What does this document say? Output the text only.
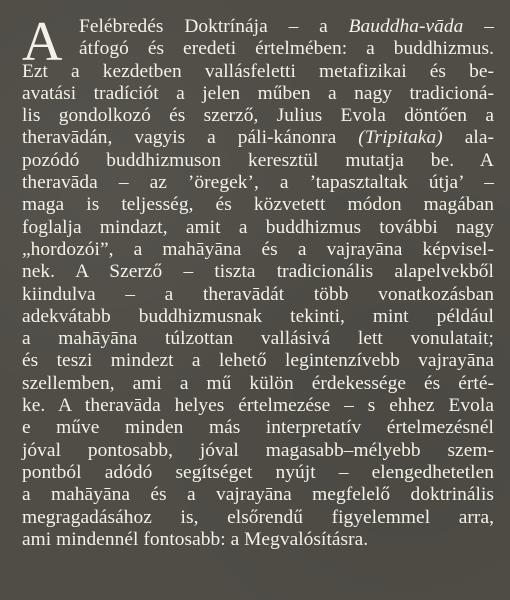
A Felébredés Doktrínája – a Bauddha-vāda –
átfogó és eredeti értelmében: a buddhizmus.
Ezt a kezdetben vallásfeletti metafizikai és be-
avatási tradíciót a jelen műben a nagy tradicioná-
lis gondolkozó és szerző, Julius Evola döntően a
theravādán, vagyis a páli-kánonra (Tripitaka) ala-
pozódó buddhizmuson keresztül mutatja be. A
theravāda – az ’öregek’, a ’tapasztaltak útja’ –
maga is teljesség, és közvetett módon magában
foglalja mindazt, amit a buddhizmus további nagy
„hordozói”, a mahāyāna és a vajrayāna képvisel-
nek. A Szerző – tiszta tradicionális alapelvekből
kiindulva – a theravādát több vonatkozásban
adekvátabb buddhizmusnak tekinti, mint például
a mahāyāna túlzottan vallásivá lett vonulatait;
és teszi mindezt a lehető legintenzívebb vajrayāna
szellemben, ami a mű külön érdekessége és érté-
ke. A theravāda helyes értelmezése – s ehhez Evola
e műve minden más interpretatív értelmezésnél
jóval pontosabb, jóval magasabb–mélyebb szem-
pontból adódó segítséget nyújt – elengedhetetlen
a mahāyāna és a vajrayāna megfelelő doktrinális
megragadásához is, elsőrendű figyelemmel arra,
ami mindennél fontosabb: a Megvalósításra.
